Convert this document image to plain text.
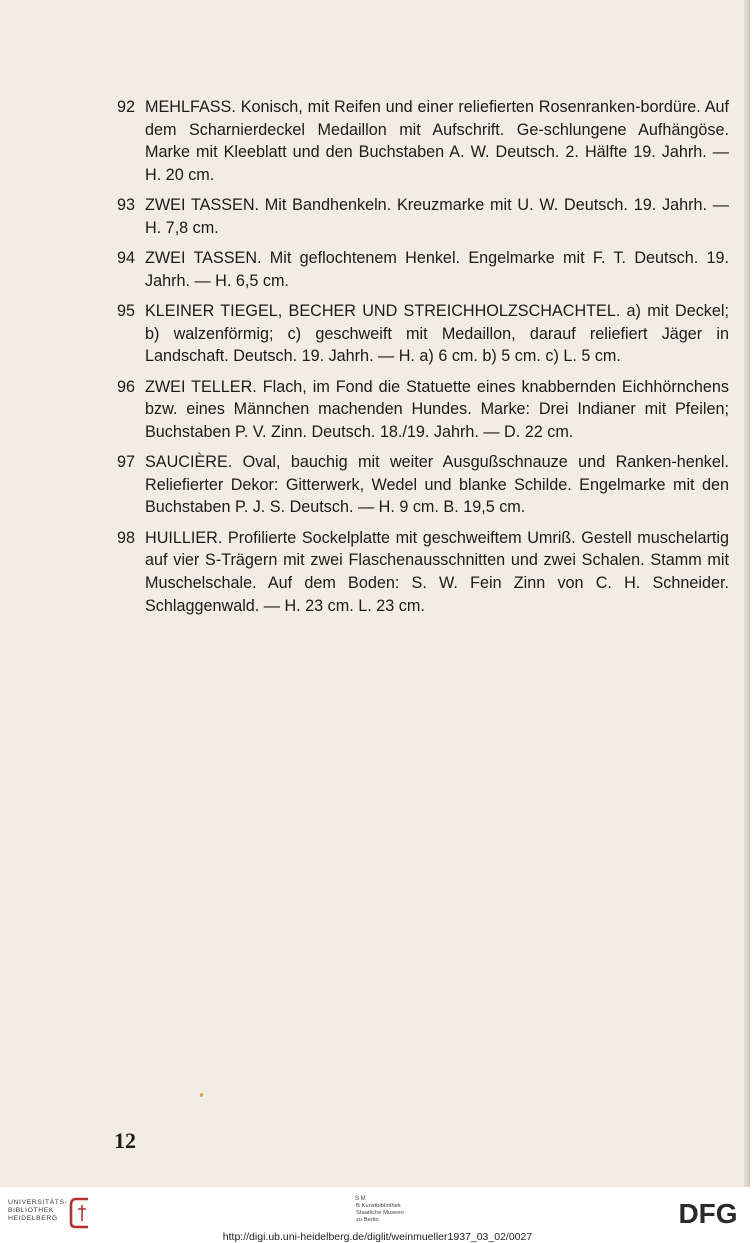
92 MEHLFASS. Konisch, mit Reifen und einer reliefierten Rosenranken-bordüre. Auf dem Scharnierdeckel Medaillon mit Aufschrift. Ge-schlungene Aufhängöse. Marke mit Kleeblatt und den Buchstaben A. W. Deutsch. 2. Hälfte 19. Jahrh. — H. 20 cm.
93 ZWEI TASSEN. Mit Bandhenkeln. Kreuzmarke mit U. W. Deutsch. 19. Jahrh. — H. 7,8 cm.
94 ZWEI TASSEN. Mit geflochtenem Henkel. Engelmarke mit F. T. Deutsch. 19. Jahrh. — H. 6,5 cm.
95 KLEINER TIEGEL, BECHER UND STREICHHOLZSCHACHTEL. a) mit Deckel; b) walzenförmig; c) geschweift mit Medaillon, darauf reliefiert Jäger in Landschaft. Deutsch. 19. Jahrh. — H. a) 6 cm. b) 5 cm. c) L. 5 cm.
96 ZWEI TELLER. Flach, im Fond die Statuette eines knabbernden Eichhörnchens bzw. eines Männchen machenden Hundes. Marke: Drei Indianer mit Pfeilen; Buchstaben P. V. Zinn. Deutsch. 18./19. Jahrh. — D. 22 cm.
97 SAUCIÈRE. Oval, bauchig mit weiter Ausgußschnauze und Ranken-henkel. Reliefierter Dekor: Gitterwerk, Wedel und blanke Schilde. Engelmarke mit den Buchstaben P. J. S. Deutsch. — H. 9 cm. B. 19,5 cm.
98 HUILLIER. Profilierte Sockelplatte mit geschweiftem Umriß. Gestell muschelartig auf vier S-Trägern mit zwei Flaschenausschnitten und zwei Schalen. Stamm mit Muschelschale. Auf dem Boden: S. W. Fein Zinn von C. H. Schneider. Schlaggenwald. — H. 23 cm. L. 23 cm.
12
UNIVERSITÄTS-
BIBLIOTHEK
HEIDELBERG
S M
B Kunstbibliothek
Staatliche Museen
zu Berlin	DFG
http://digi.ub.uni-heidelberg.de/diglit/weinmueller1937_03_02/0027
